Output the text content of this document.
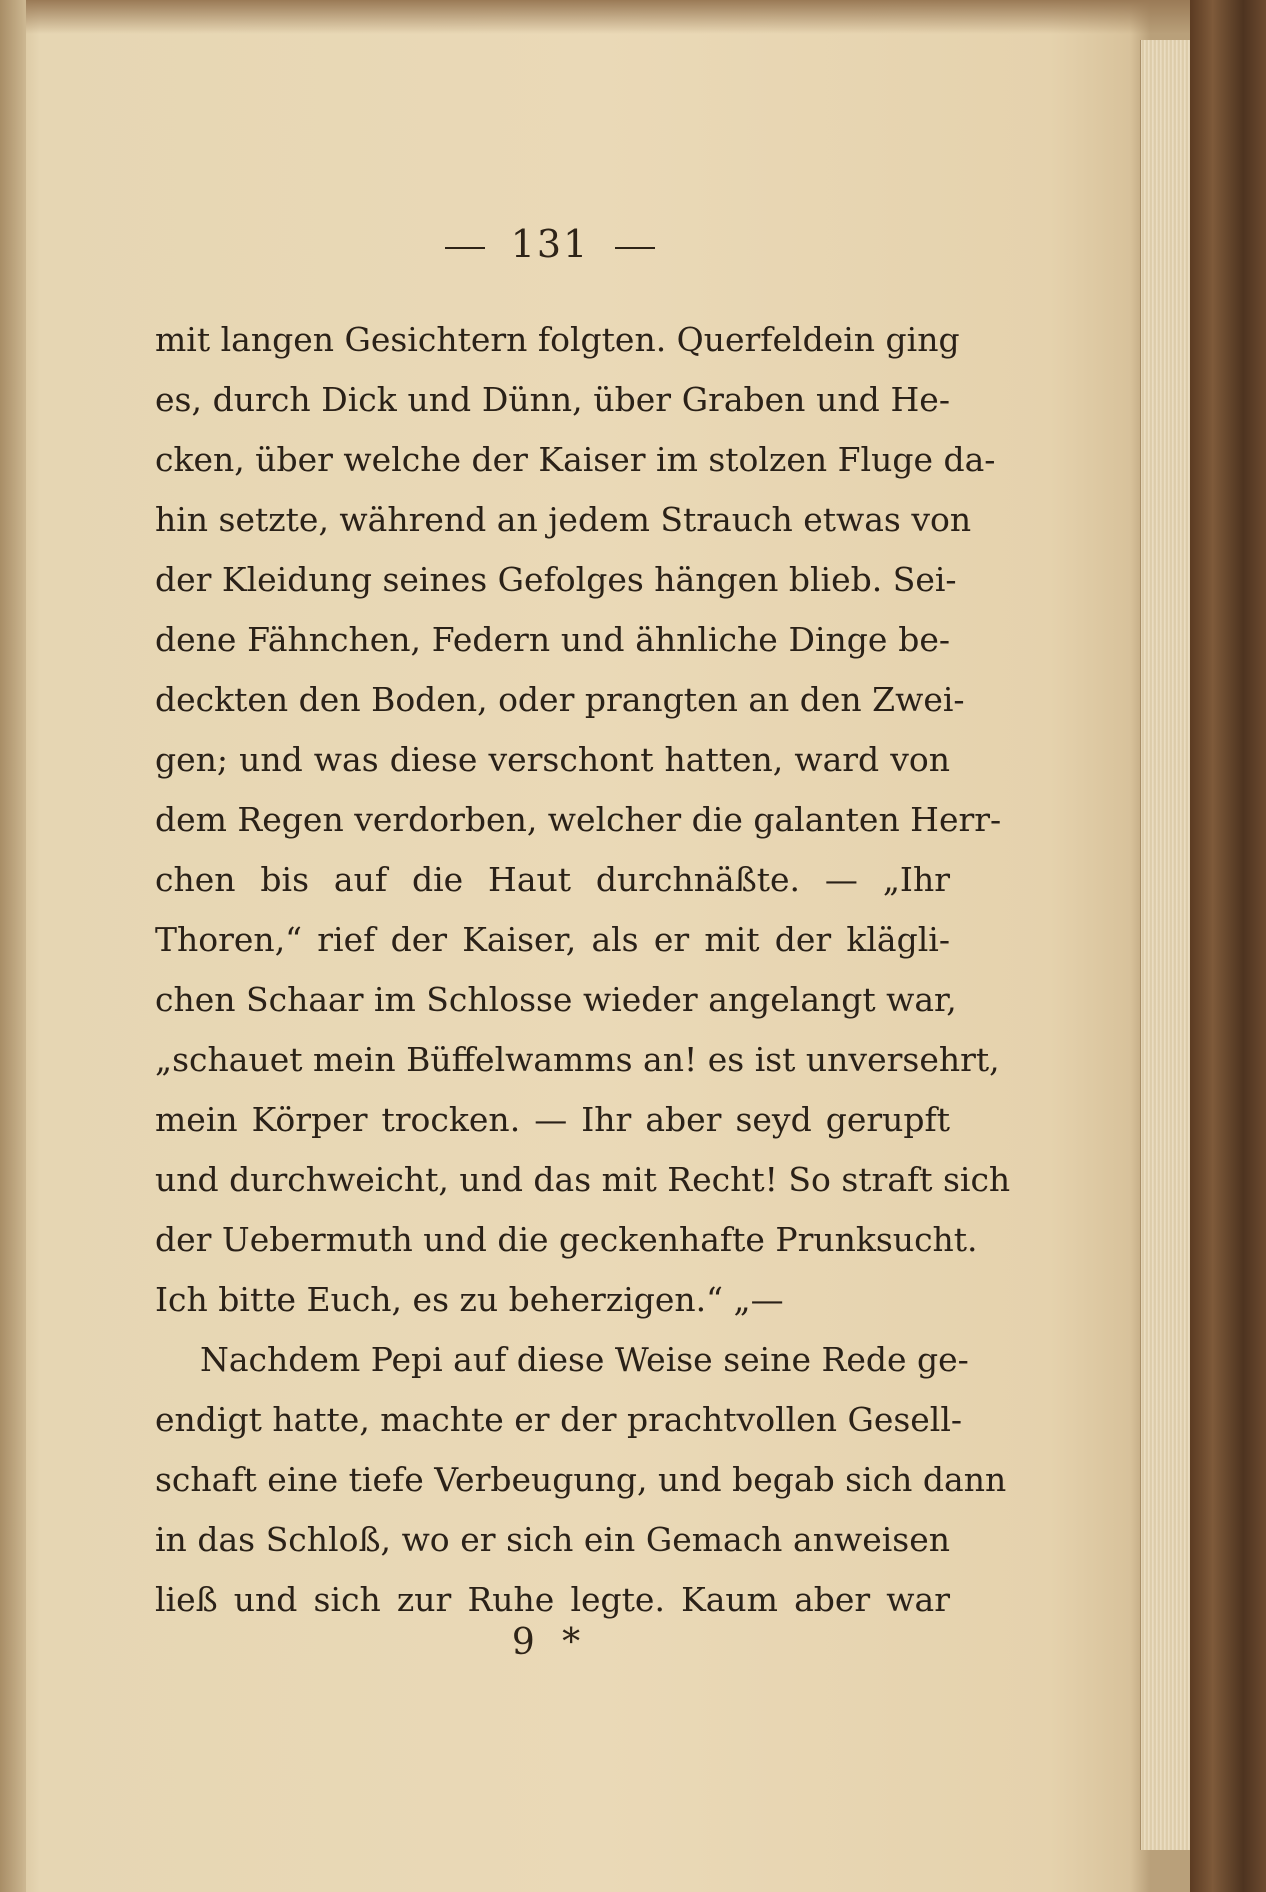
131
mit langen Gesichtern folgten. Querfeldein ging
es, durch Dick und Dünn, über Graben und He-
cken, über welche der Kaiser im stolzen Fluge da-
hin setzte, während an jedem Strauch etwas von
der Kleidung seines Gefolges hängen blieb. Sei-
dene Fähnchen, Federn und ähnliche Dinge be-
deckten den Boden, oder prangten an den Zwei-
gen; und was diese verschont hatten, ward von
dem Regen verdorben, welcher die galanten Herr-
chen bis auf die Haut durchnäßte. — „Ihr
Thoren,“ rief der Kaiser, als er mit der klägli-
chen Schaar im Schlosse wieder angelangt war,
„schauet mein Büffelwamms an! es ist unversehrt,
mein Körper trocken. — Ihr aber seyd gerupft
und durchweicht, und das mit Recht! So straft sich
der Uebermuth und die geckenhafte Prunksucht.
Ich bitte Euch, es zu beherzigen.“ „—
Nachdem Pepi auf diese Weise seine Rede ge-
endigt hatte, machte er der prachtvollen Gesell-
schaft eine tiefe Verbeugung, und begab sich dann
in das Schloß, wo er sich ein Gemach anweisen
ließ und sich zur Ruhe legte. Kaum aber war
9 *
